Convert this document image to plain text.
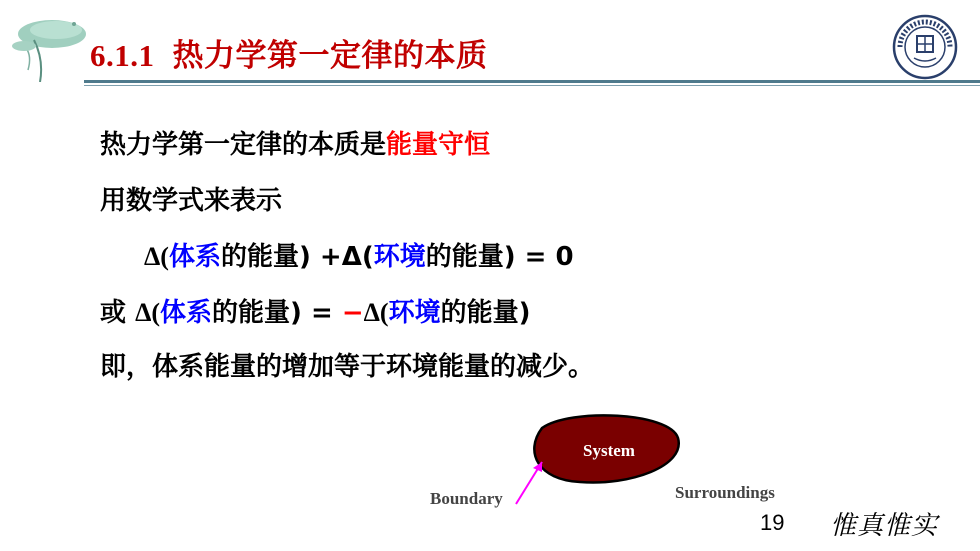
6.1.1 热力学第一定律的本质
热力学第一定律的本质是能量守恒
用数学式来表示
Δ(体系的能量) +Δ(环境的能量) = 0
或 Δ(体系的能量) = −Δ(环境的能量)
即，体系能量的增加等于环境能量的减少。
System
Boundary	Surroundings
19 惟真惟实
